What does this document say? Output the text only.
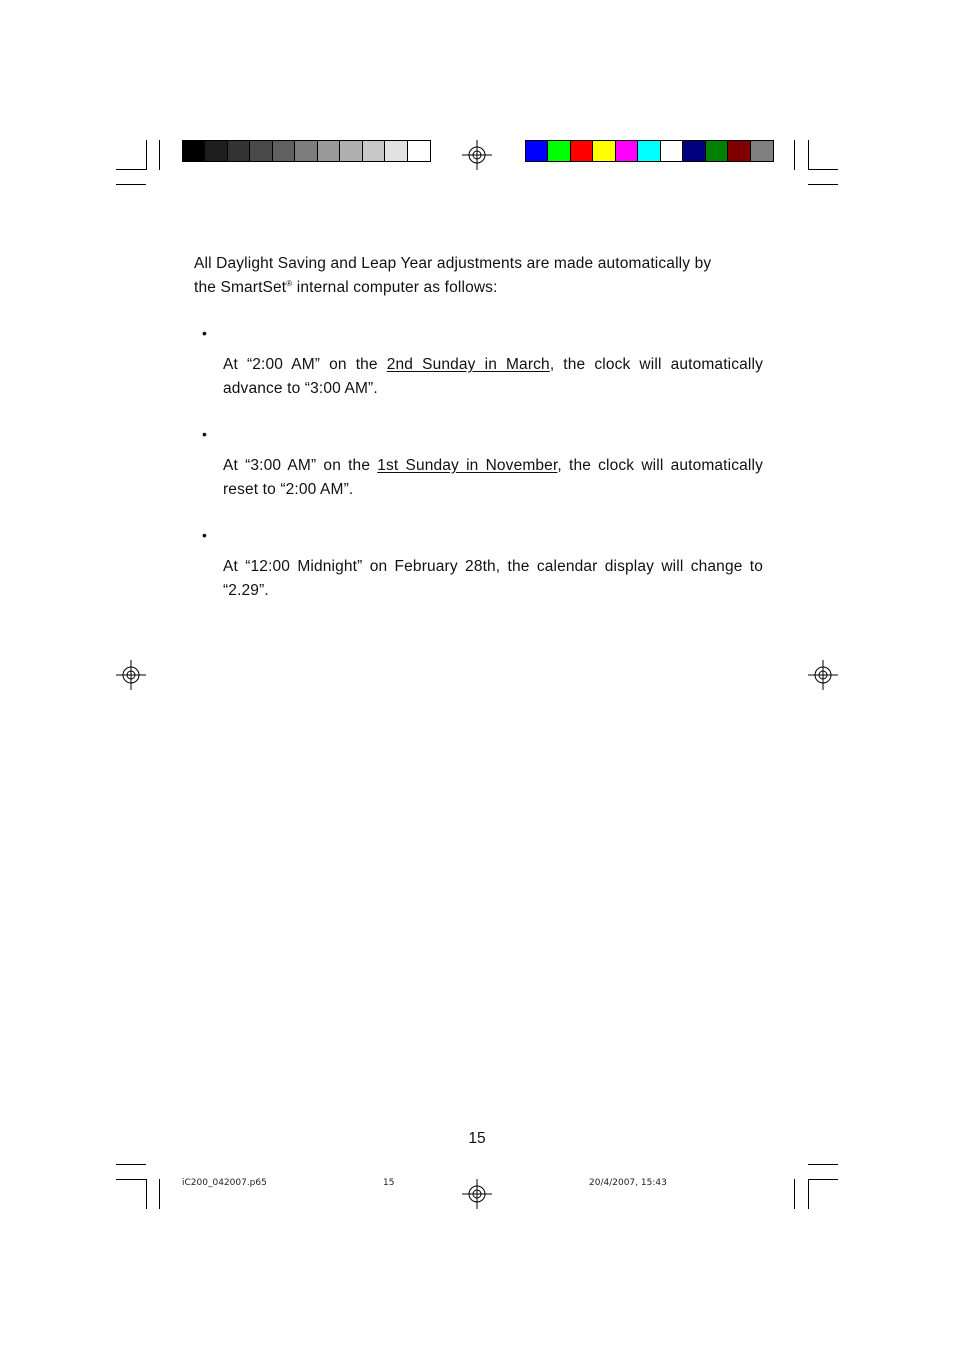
All Daylight Saving and Leap Year adjustments are made automatically by
the SmartSet® internal computer as follows:
•
At “2:00 AM” on the 2nd Sunday in March, the clock will automatically advance to “3:00 AM”.
•
At “3:00 AM” on the 1st Sunday in November, the clock will automatically reset to “2:00 AM”.
•
At “12:00 Midnight” on February 28th, the calendar display will change to “2.29”.
15
iC200_042007.p65	15	20/4/2007, 15:43
